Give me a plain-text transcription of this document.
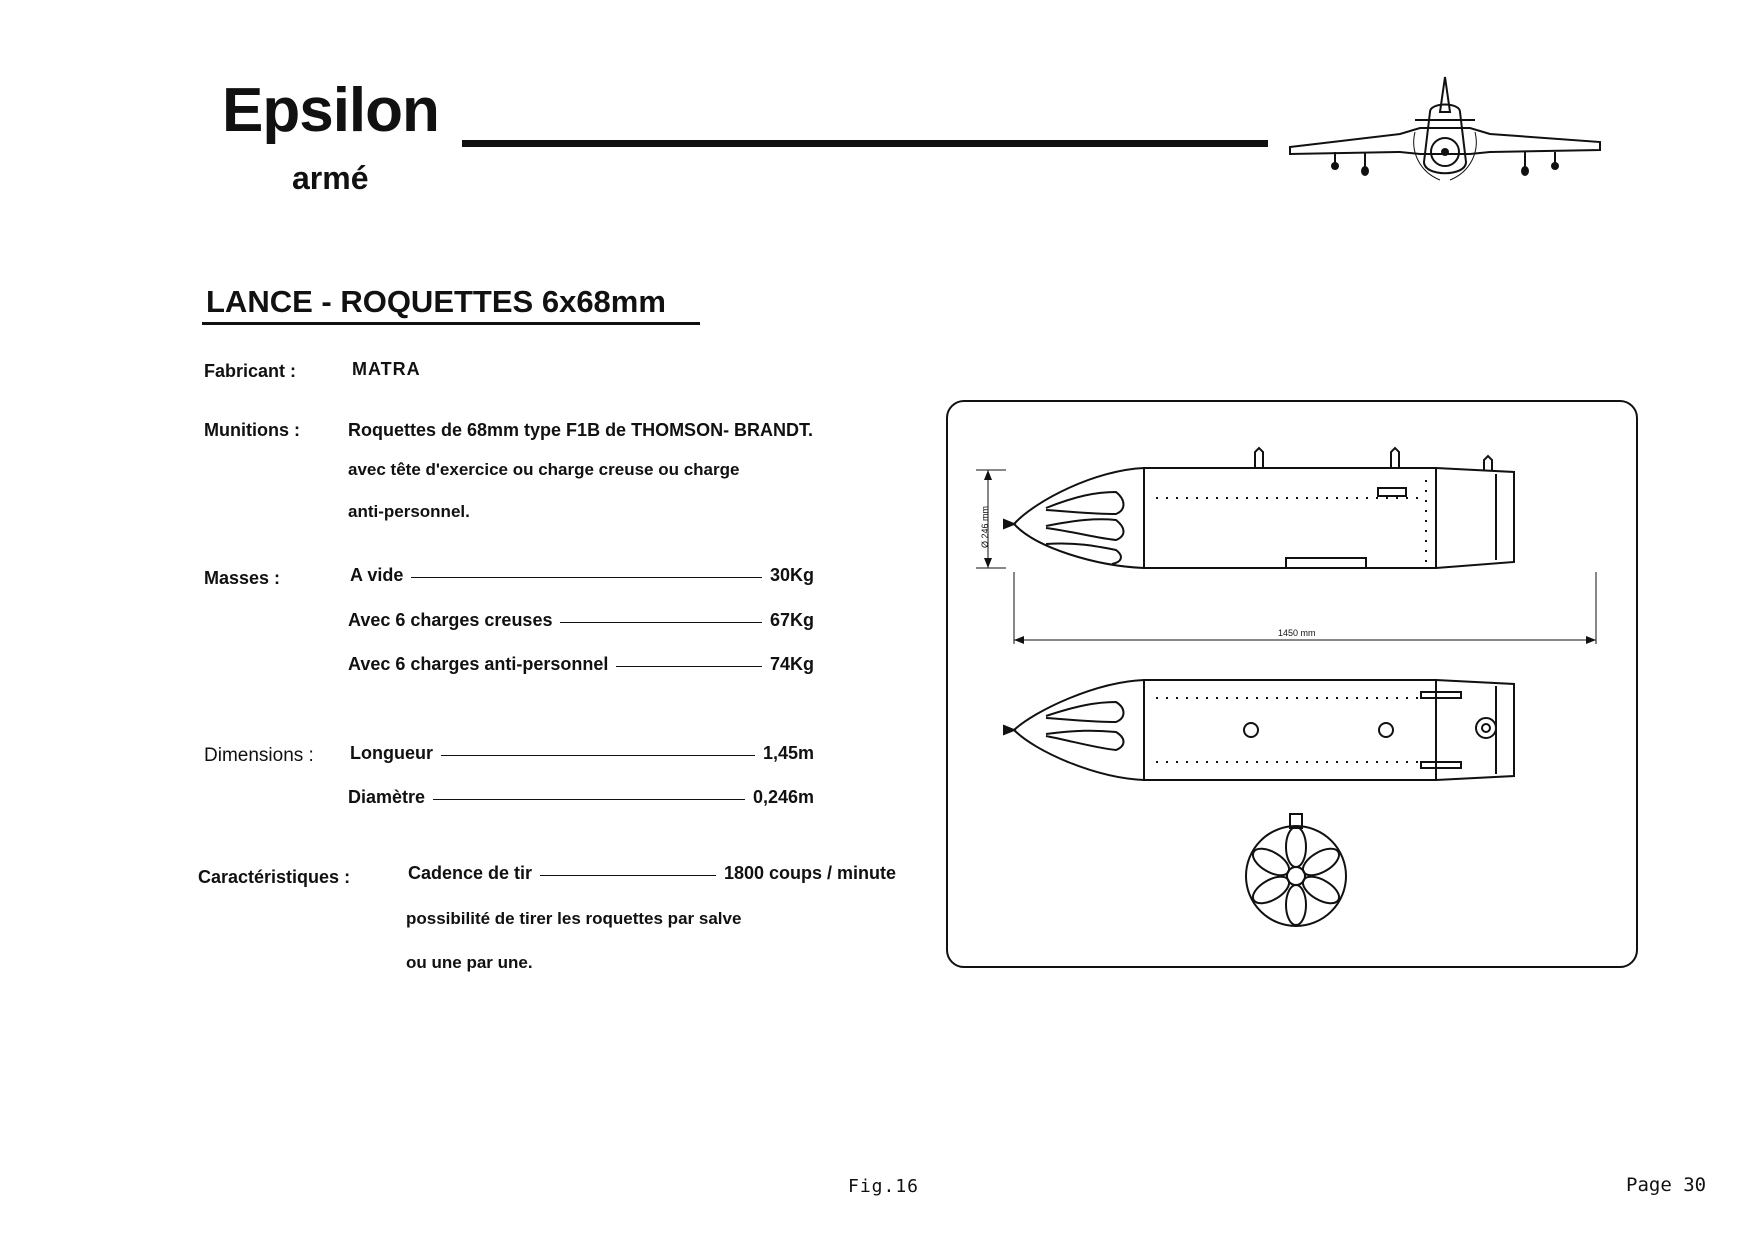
Epsilon
armé
LANCE - ROQUETTES 6x68mm
Fabricant :	MATRA
Munitions :	Roquettes de 68mm type F1B de THOMSON- BRANDT.
avec tête d'exercice ou charge creuse ou charge
anti-personnel.
Masses :	A vide	30Kg
Avec 6 charges creuses	67Kg
Avec 6 charges anti-personnel	74Kg
Dimensions : Longueur	1,45m
Diamètre	0,246m
Caractéristiques :	Cadence de tir	1800 coups / minute
possibilité de tirer les roquettes par salve
ou une par une.
Ø 246 mm
1450 mm
Fig.16	Page 30
